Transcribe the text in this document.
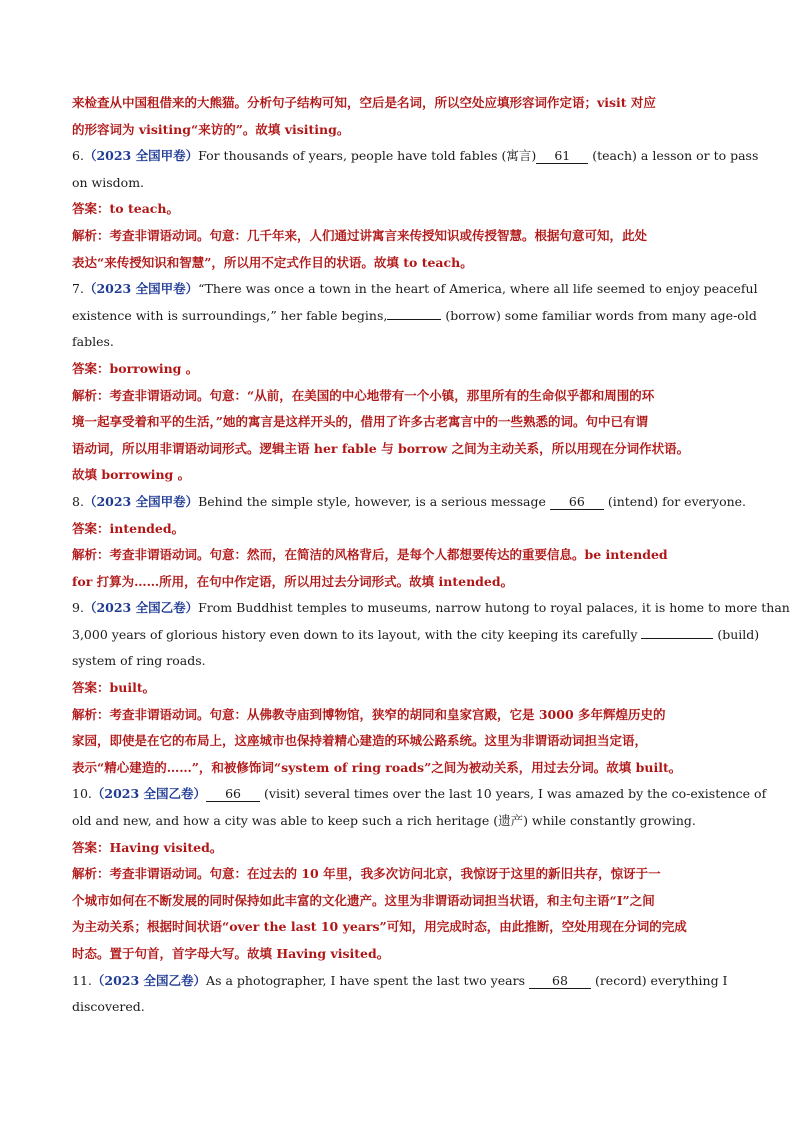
来检查从中国租借来的大熊猫。分析句子结构可知，空后是名词，所以空处应填形容词作定语；visit 对应
的形容词为 visiting“来访的”。故填 visiting。
6.（2023 全国甲卷）For thousands of years, people have told fables (寓言) 61 (teach) a lesson or to pass
on wisdom.
答案：to teach。
解析：考查非谓语动词。句意：几千年来，人们通过讲寓言来传授知识或传授智慧。根据句意可知，此处
表达“来传授知识和智慧”，所以用不定式作目的状语。故填 to teach。
7.（2023 全国甲卷）“There was once a town in the heart of America, where all life seemed to enjoy peaceful
existence with is surroundings,” her fable begins,	(borrow) some familiar words from many age-old
fables.
答案：borrowing 。
解析：考查非谓语动词。句意：“从前，在美国的中心地带有一个小镇，那里所有的生命似乎都和周围的环
境一起享受着和平的生活，”她的寓言是这样开头的，借用了许多古老寓言中的一些熟悉的词。句中已有谓
语动词，所以用非谓语动词形式。逻辑主语 her fable 与 borrow 之间为主动关系，所以用现在分词作状语。
故填 borrowing 。
8.（2023 全国甲卷）Behind the simple style, however, is a serious message 66 (intend) for everyone.
答案：intended。
解析：考查非谓语动词。句意：然而，在简洁的风格背后，是每个人都想要传达的重要信息。be intended
for 打算为……所用，在句中作定语，所以用过去分词形式。故填 intended。
9.（2023 全国乙卷）From Buddhist temples to museums, narrow hutong to royal palaces, it is home to more than
3,000 years of glorious history even down to its layout, with the city keeping its carefully	(build)
system of ring roads.
答案：built。
解析：考查非谓语动词。句意：从佛教寺庙到博物馆，狭窄的胡同和皇家宫殿，它是 3000 多年辉煌历史的
家园，即使是在它的布局上，这座城市也保持着精心建造的环城公路系统。这里为非谓语动词担当定语，
表示“精心建造的……”，和被修饰词“system of ring roads”之间为被动关系，用过去分词。故填 built。
10.（2023 全国乙卷） 66 (visit) several times over the last 10 years, I was amazed by the co-existence of
old and new, and how a city was able to keep such a rich heritage (遗产) while constantly growing.
答案：Having visited。
解析：考查非谓语动词。句意：在过去的 10 年里，我多次访问北京，我惊讶于这里的新旧共存，惊讶于一
个城市如何在不断发展的同时保持如此丰富的文化遗产。这里为非谓语动词担当状语，和主句主语“I”之间
为主动关系；根据时间状语“over the last 10 years”可知，用完成时态，由此推断，空处用现在分词的完成
时态。置于句首，首字母大写。故填 Having visited。
11.（2023 全国乙卷）As a photographer, I have spent the last two years 68 (record) everything I
discovered.
